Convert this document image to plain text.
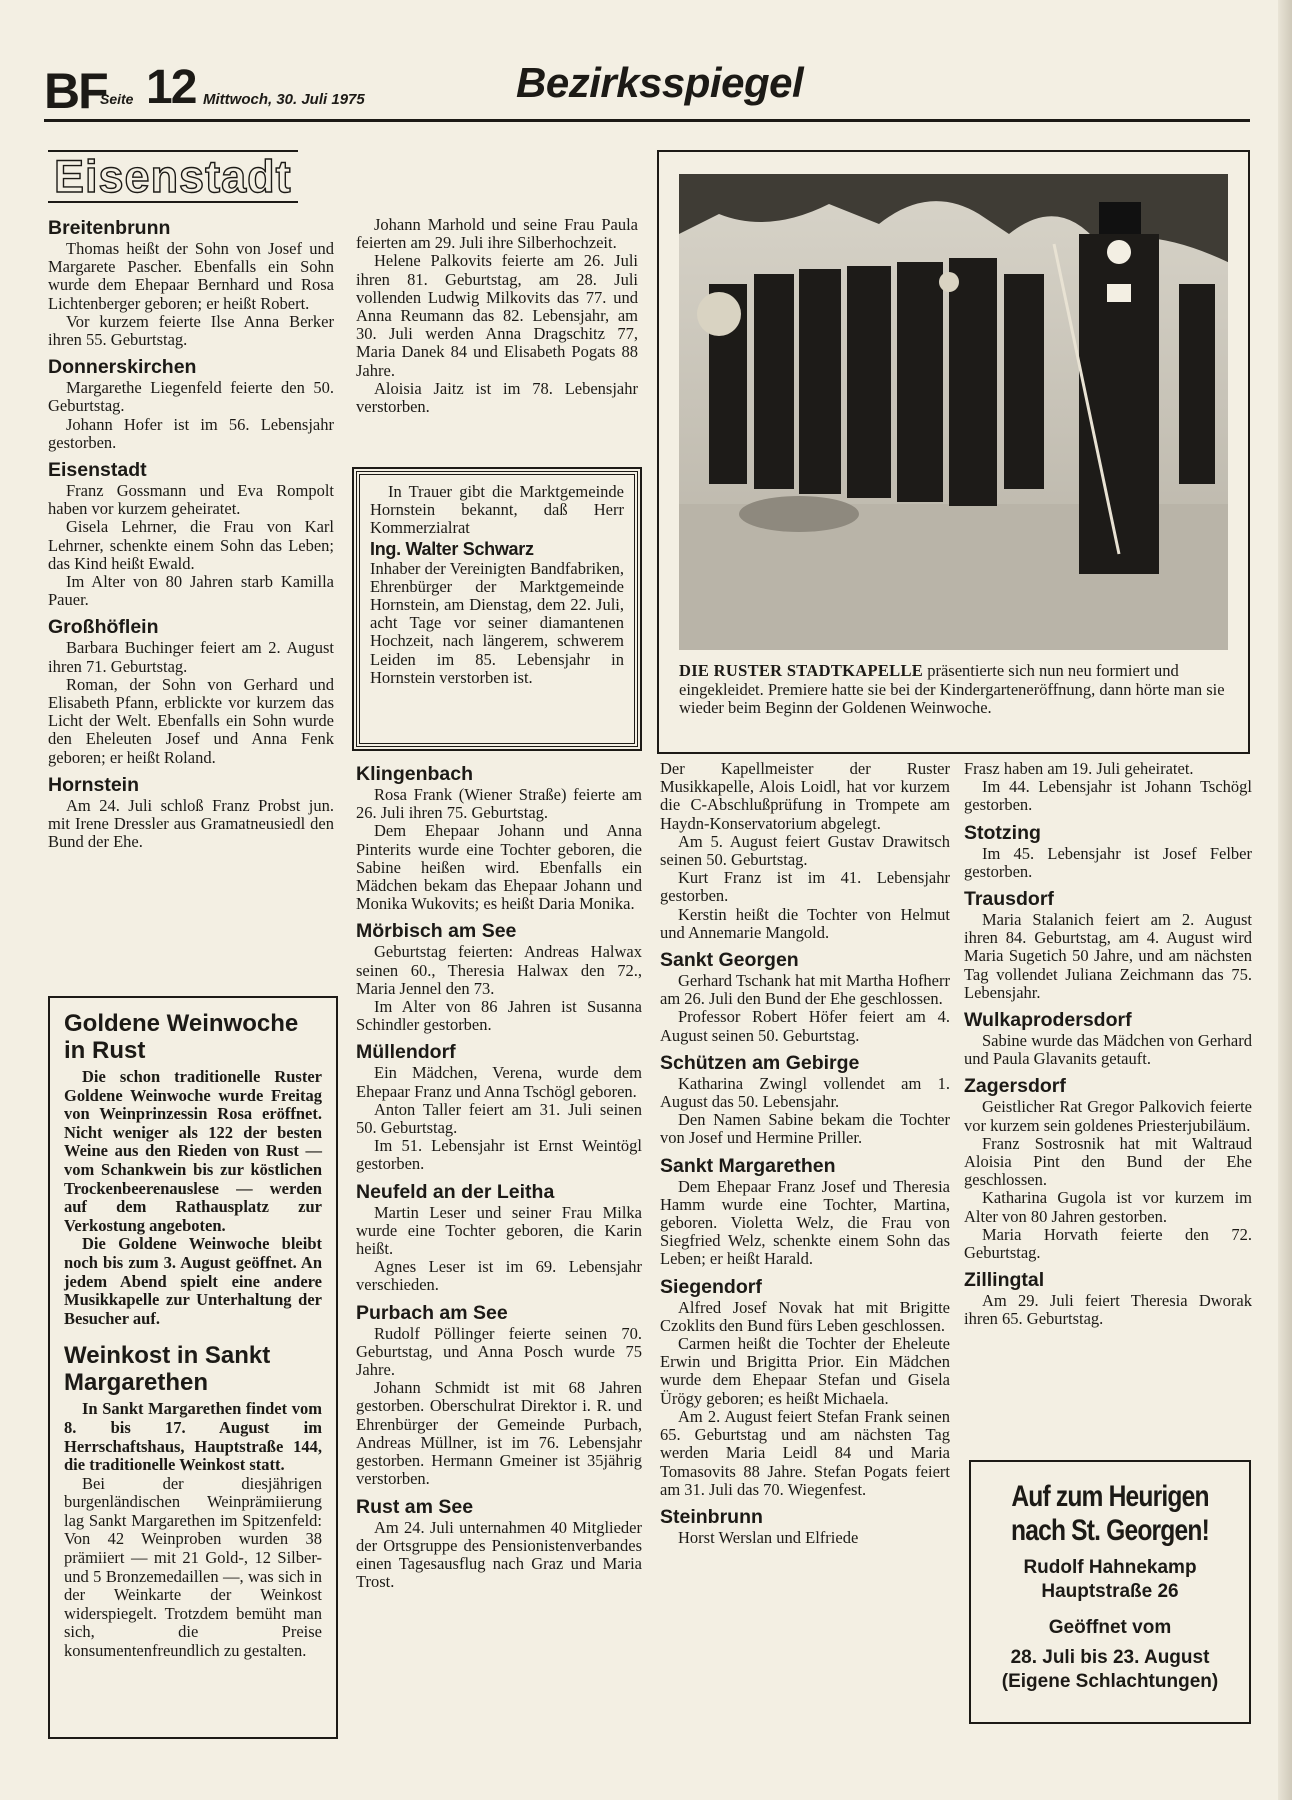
BF
Seite 12 Mittwoch, 30. Juli 1975	Bezirksspiegel
Eisenstadt
Breitenbrunn

Thomas heißt der Sohn von Josef und Margarete Pascher. Ebenfalls ein Sohn wurde dem Ehepaar Bernhard und Rosa Lichtenberger geboren; er heißt Robert.

Vor kurzem feierte Ilse Anna Berker ihren 55. Geburtstag.

Donnerskirchen

Margarethe Liegenfeld feierte den 50. Geburtstag.

Johann Hofer ist im 56. Lebensjahr gestorben.

Eisenstadt

Franz Gossmann und Eva Rompolt haben vor kurzem geheiratet.

Gisela Lehrner, die Frau von Karl Lehrner, schenkte einem Sohn das Leben; das Kind heißt Ewald.

Im Alter von 80 Jahren starb Kamilla Pauer.

Großhöflein

Barbara Buchinger feiert am 2. August ihren 71. Geburtstag.

Roman, der Sohn von Gerhard und Elisabeth Pfann, erblickte vor kurzem das Licht der Welt. Ebenfalls ein Sohn wurde den Eheleuten Josef und Anna Fenk geboren; er heißt Roland.

Hornstein

Am 24. Juli schloß Franz Probst jun. mit Irene Dressler aus Gramatneusiedl den Bund der Ehe.

Johann Marhold und seine Frau Paula feierten am 29. Juli ihre Silberhochzeit.

Helene Palkovits feierte am 26. Juli ihren 81. Geburtstag, am 28. Juli vollenden Ludwig Milkovits das 77. und Anna Reumann das 82. Lebensjahr, am 30. Juli werden Anna Dragschitz 77, Maria Danek 84 und Elisabeth Pogats 88 Jahre.

Aloisia Jaitz ist im 78. Lebensjahr verstorben.

In Trauer gibt die Marktgemeinde Hornstein bekannt, daß Herr Kommerzialrat

Ing. Walter Schwarz

Inhaber der Vereinigten Bandfabriken, Ehrenbürger der Marktgemeinde Hornstein, am Dienstag, dem 22. Juli, acht Tage vor seiner diamantenen Hochzeit, nach längerem, schwerem Leiden im 85. Lebensjahr in Hornstein verstorben ist.	DIE RUSTER STADTKAPELLE präsentierte sich nun neu formiert und eingekleidet. Premiere hatte sie bei der Kindergarteneröffnung, dann hörte man sie wieder beim Beginn der Goldenen Weinwoche.
Goldene Weinwoche in Rust

Die schon traditionelle Ruster Goldene Weinwoche wurde Freitag von Weinprinzessin Rosa eröffnet. Nicht weniger als 122 der besten Weine aus den Rieden von Rust — vom Schankwein bis zur köstlichen Trockenbeerenauslese — werden auf dem Rathausplatz zur Verkostung angeboten.

Die Goldene Weinwoche bleibt noch bis zum 3. August geöffnet. An jedem Abend spielt eine andere Musikkapelle zur Unterhaltung der Besucher auf.

Weinkost in Sankt Margarethen

In Sankt Margarethen findet vom 8. bis 17. August im Herrschaftshaus, Hauptstraße 144, die traditionelle Weinkost statt.

Bei der diesjährigen burgenländischen Weinprämiierung lag Sankt Margarethen im Spitzenfeld: Von 42 Weinproben wurden 38 prämiiert — mit 21 Gold-, 12 Silber- und 5 Bronzemedaillen —, was sich in der Weinkarte der Weinkost widerspiegelt. Trotzdem bemüht man sich, die Preise konsumentenfreundlich zu gestalten.

Klingenbach

Rosa Frank (Wiener Straße) feierte am 26. Juli ihren 75. Geburtstag.

Dem Ehepaar Johann und Anna Pinterits wurde eine Tochter geboren, die Sabine heißen wird. Ebenfalls ein Mädchen bekam das Ehepaar Johann und Monika Wukovits; es heißt Daria Monika.

Mörbisch am See

Geburtstag feierten: Andreas Halwax seinen 60., Theresia Halwax den 72., Maria Jennel den 73.

Im Alter von 86 Jahren ist Susanna Schindler gestorben.

Müllendorf

Ein Mädchen, Verena, wurde dem Ehepaar Franz und Anna Tschögl geboren.

Anton Taller feiert am 31. Juli seinen 50. Geburtstag.

Im 51. Lebensjahr ist Ernst Weintögl gestorben.

Neufeld an der Leitha

Martin Leser und seiner Frau Milka wurde eine Tochter geboren, die Karin heißt.

Agnes Leser ist im 69. Lebensjahr verschieden.

Purbach am See

Rudolf Pöllinger feierte seinen 70. Geburtstag, und Anna Posch wurde 75 Jahre.

Johann Schmidt ist mit 68 Jahren gestorben. Oberschulrat Direktor i. R. und Ehrenbürger der Gemeinde Purbach, Andreas Müllner, ist im 76. Lebensjahr gestorben. Hermann Gmeiner ist 35jährig verstorben.

Rust am See

Am 24. Juli unternahmen 40 Mitglieder der Ortsgruppe des Pensionistenverbandes einen Tagesausflug nach Graz und Maria Trost.

Der Kapellmeister der Ruster Musikkapelle, Alois Loidl, hat vor kurzem die C-Abschlußprüfung in Trompete am Haydn-Konservatorium abgelegt.

Am 5. August feiert Gustav Drawitsch seinen 50. Geburtstag.

Kurt Franz ist im 41. Lebensjahr gestorben.

Kerstin heißt die Tochter von Helmut und Annemarie Mangold.

Sankt Georgen

Gerhard Tschank hat mit Martha Hofherr am 26. Juli den Bund der Ehe geschlossen.

Professor Robert Höfer feiert am 4. August seinen 50. Geburtstag.

Schützen am Gebirge

Katharina Zwingl vollendet am 1. August das 50. Lebensjahr.

Den Namen Sabine bekam die Tochter von Josef und Hermine Priller.

Sankt Margarethen

Dem Ehepaar Franz Josef und Theresia Hamm wurde eine Tochter, Martina, geboren. Violetta Welz, die Frau von Siegfried Welz, schenkte einem Sohn das Leben; er heißt Harald.

Siegendorf

Alfred Josef Novak hat mit Brigitte Czoklits den Bund fürs Leben geschlossen.

Carmen heißt die Tochter der Eheleute Erwin und Brigitta Prior. Ein Mädchen wurde dem Ehepaar Stefan und Gisela Ürögy geboren; es heißt Michaela.

Am 2. August feiert Stefan Frank seinen 65. Geburtstag und am nächsten Tag werden Maria Leidl 84 und Maria Tomasovits 88 Jahre. Stefan Pogats feiert am 31. Juli das 70. Wiegenfest.

Steinbrunn

Horst Werslan und Elfriede

Frasz haben am 19. Juli geheiratet.

Im 44. Lebensjahr ist Johann Tschögl gestorben.

Stotzing

Im 45. Lebensjahr ist Josef Felber gestorben.

Trausdorf

Maria Stalanich feiert am 2. August ihren 84. Geburtstag, am 4. August wird Maria Sugetich 50 Jahre, und am nächsten Tag vollendet Juliana Zeichmann das 75. Lebensjahr.

Wulkaprodersdorf

Sabine wurde das Mädchen von Gerhard und Paula Glavanits getauft.

Zagersdorf

Geistlicher Rat Gregor Palkovich feierte vor kurzem sein goldenes Priesterjubiläum.

Franz Sostrosnik hat mit Waltraud Aloisia Pint den Bund der Ehe geschlossen.

Katharina Gugola ist vor kurzem im Alter von 80 Jahren gestorben.

Maria Horvath feierte den 72. Geburtstag.

Zillingtal

Am 29. Juli feiert Theresia Dworak ihren 65. Geburtstag.

Auf zum Heurigen
nach St. Georgen!
Rudolf Hahnekamp
Hauptstraße 26
Geöffnet vom
28. Juli bis 23. August
(Eigene Schlachtungen)
